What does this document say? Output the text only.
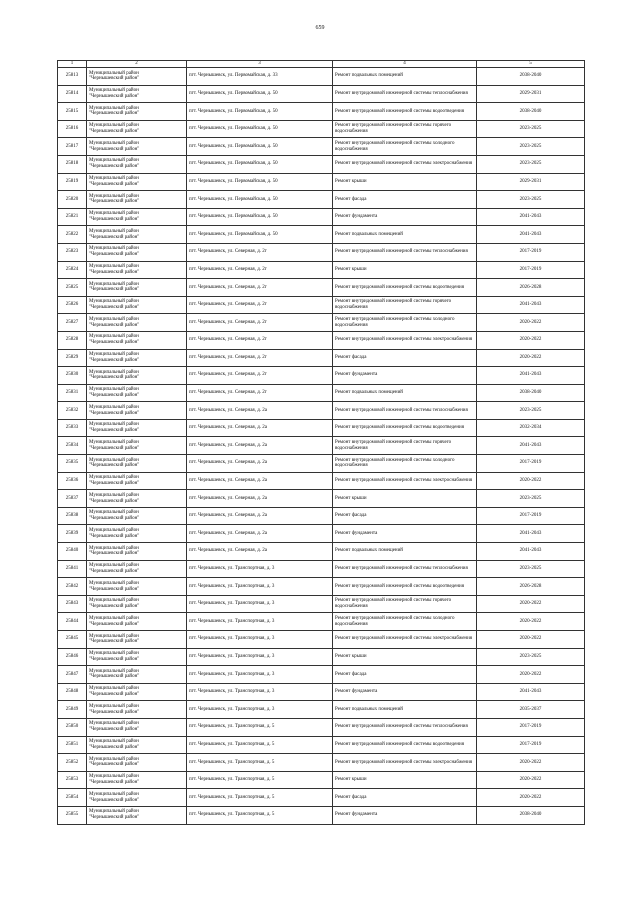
659
1	2	3	4	5
25813	Муниципальный район
"Чернышевский район"	пгт. Чернышевск, ул. Первомайская, д. 33	Ремонт подвальных помещений	2038-2040
25814	Муниципальный район
"Чернышевский район"	пгт. Чернышевск, ул. Первомайская, д. 50	Ремонт внутридомовой инженерной системы теплоснабжения	2029-2031
25815	Муниципальный район
"Чернышевский район"	пгт. Чернышевск, ул. Первомайская, д. 50	Ремонт внутридомовой инженерной системы водоотведения	2038-2040
25816	Муниципальный район
"Чернышевский район"	пгт. Чернышевск, ул. Первомайская, д. 50	Ремонт внутридомовой инженерной системы горячего водоснабжения	2023-2025
25817	Муниципальный район
"Чернышевский район"	пгт. Чернышевск, ул. Первомайская, д. 50	Ремонт внутридомовой инженерной системы холодного водоснабжения	2023-2025
25818	Муниципальный район
"Чернышевский район"	пгт. Чернышевск, ул. Первомайская, д. 50	Ремонт внутридомовой инженерной системы электроснабжения	2023-2025
25819	Муниципальный район
"Чернышевский район"	пгт. Чернышевск, ул. Первомайская, д. 50	Ремонт крыши	2029-2031
25820	Муниципальный район
"Чернышевский район"	пгт. Чернышевск, ул. Первомайская, д. 50	Ремонт фасада	2023-2025
25821	Муниципальный район
"Чернышевский район"	пгт. Чернышевск, ул. Первомайская, д. 50	Ремонт фундамента	2041-2043
25822	Муниципальный район
"Чернышевский район"	пгт. Чернышевск, ул. Первомайская, д. 50	Ремонт подвальных помещений	2041-2043
25823	Муниципальный район
"Чернышевский район"	пгт. Чернышевск, ул. Северная, д. 2г	Ремонт внутридомовой инженерной системы теплоснабжения	2017-2019
25824	Муниципальный район
"Чернышевский район"	пгт. Чернышевск, ул. Северная, д. 2г	Ремонт крыши	2017-2019
25825	Муниципальный район
"Чернышевский район"	пгт. Чернышевск, ул. Северная, д. 2г	Ремонт внутридомовой инженерной системы водоотведения	2026-2028
25826	Муниципальный район
"Чернышевский район"	пгт. Чернышевск, ул. Северная, д. 2г	Ремонт внутридомовой инженерной системы горячего водоснабжения	2041-2043
25827	Муниципальный район
"Чернышевский район"	пгт. Чернышевск, ул. Северная, д. 2г	Ремонт внутридомовой инженерной системы холодного водоснабжения	2020-2022
25828	Муниципальный район
"Чернышевский район"	пгт. Чернышевск, ул. Северная, д. 2г	Ремонт внутридомовой инженерной системы электроснабжения	2020-2022
25829	Муниципальный район
"Чернышевский район"	пгт. Чернышевск, ул. Северная, д. 2г	Ремонт фасада	2020-2022
25830	Муниципальный район
"Чернышевский район"	пгт. Чернышевск, ул. Северная, д. 2г	Ремонт фундамента	2041-2043
25831	Муниципальный район
"Чернышевский район"	пгт. Чернышевск, ул. Северная, д. 2г	Ремонт подвальных помещений	2038-2040
25832	Муниципальный район
"Чернышевский район"	пгт. Чернышевск, ул. Северная, д. 2а	Ремонт внутридомовой инженерной системы теплоснабжения	2023-2025
25833	Муниципальный район
"Чернышевский район"	пгт. Чернышевск, ул. Северная, д. 2а	Ремонт внутридомовой инженерной системы водоотведения	2032-2034
25834	Муниципальный район
"Чернышевский район"	пгт. Чернышевск, ул. Северная, д. 2а	Ремонт внутридомовой инженерной системы горячего водоснабжения	2041-2043
25835	Муниципальный район
"Чернышевский район"	пгт. Чернышевск, ул. Северная, д. 2а	Ремонт внутридомовой инженерной системы холодного водоснабжения	2017-2019
25836	Муниципальный район
"Чернышевский район"	пгт. Чернышевск, ул. Северная, д. 2а	Ремонт внутридомовой инженерной системы электроснабжения	2020-2022
25837	Муниципальный район
"Чернышевский район"	пгт. Чернышевск, ул. Северная, д. 2а	Ремонт крыши	2023-2025
25838	Муниципальный район
"Чернышевский район"	пгт. Чернышевск, ул. Северная, д. 2а	Ремонт фасада	2017-2019
25839	Муниципальный район
"Чернышевский район"	пгт. Чернышевск, ул. Северная, д. 2а	Ремонт фундамента	2041-2043
25840	Муниципальный район
"Чернышевский район"	пгт. Чернышевск, ул. Северная, д. 2а	Ремонт подвальных помещений	2041-2043
25841	Муниципальный район
"Чернышевский район"	пгт. Чернышевск, ул. Транспортная, д. 3	Ремонт внутридомовой инженерной системы теплоснабжения	2023-2025
25842	Муниципальный район
"Чернышевский район"	пгт. Чернышевск, ул. Транспортная, д. 3	Ремонт внутридомовой инженерной системы водоотведения	2026-2028
25843	Муниципальный район
"Чернышевский район"	пгт. Чернышевск, ул. Транспортная, д. 3	Ремонт внутридомовой инженерной системы горячего водоснабжения	2020-2022
25844	Муниципальный район
"Чернышевский район"	пгт. Чернышевск, ул. Транспортная, д. 3	Ремонт внутридомовой инженерной системы холодного водоснабжения	2020-2022
25845	Муниципальный район
"Чернышевский район"	пгт. Чернышевск, ул. Транспортная, д. 3	Ремонт внутридомовой инженерной системы электроснабжения	2020-2022
25846	Муниципальный район
"Чернышевский район"	пгт. Чернышевск, ул. Транспортная, д. 3	Ремонт крыши	2023-2025
25847	Муниципальный район
"Чернышевский район"	пгт. Чернышевск, ул. Транспортная, д. 3	Ремонт фасада	2020-2022
25848	Муниципальный район
"Чернышевский район"	пгт. Чернышевск, ул. Транспортная, д. 3	Ремонт фундамента	2041-2043
25849	Муниципальный район
"Чернышевский район"	пгт. Чернышевск, ул. Транспортная, д. 3	Ремонт подвальных помещений	2035-2037
25850	Муниципальный район
"Чернышевский район"	пгт. Чернышевск, ул. Транспортная, д. 5	Ремонт внутридомовой инженерной системы теплоснабжения	2017-2019
25851	Муниципальный район
"Чернышевский район"	пгт. Чернышевск, ул. Транспортная, д. 5	Ремонт внутридомовой инженерной системы водоотведения	2017-2019
25852	Муниципальный район
"Чернышевский район"	пгт. Чернышевск, ул. Транспортная, д. 5	Ремонт внутридомовой инженерной системы электроснабжения	2020-2022
25853	Муниципальный район
"Чернышевский район"	пгт. Чернышевск, ул. Транспортная, д. 5	Ремонт крыши	2020-2022
25854	Муниципальный район
"Чернышевский район"	пгт. Чернышевск, ул. Транспортная, д. 5	Ремонт фасада	2020-2022
25855	Муниципальный район
"Чернышевский район"	пгт. Чернышевск, ул. Транспортная, д. 5	Ремонт фундамента	2038-2040
